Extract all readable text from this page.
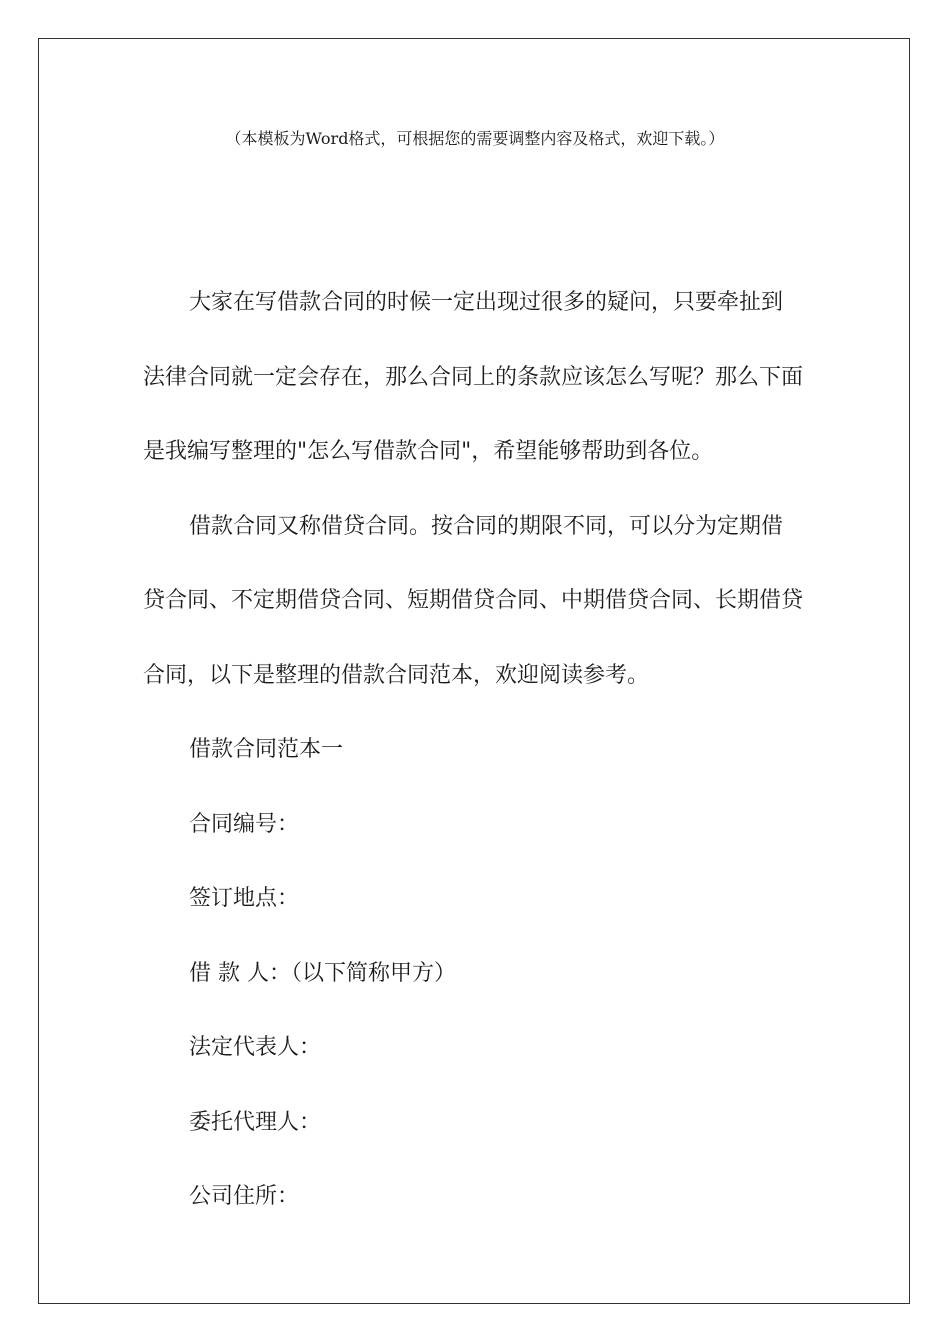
（本模板为Word格式，可根据您的需要调整内容及格式，欢迎下载。）

大家在写借款合同的时候一定出现过很多的疑问，只要牵扯到法律合同就一定会存在，那么合同上的条款应该怎么写呢？那么下面是我编写整理的"怎么写借款合同"，希望能够帮助到各位。

借款合同又称借贷合同。按合同的期限不同，可以分为定期借贷合同、不定期借贷合同、短期借贷合同、中期借贷合同、长期借贷合同，以下是整理的借款合同范本，欢迎阅读参考。

借款合同范本一

合同编号：

签订地点：

借 款 人：（以下简称甲方）

法定代表人：

委托代理人：

公司住所：
